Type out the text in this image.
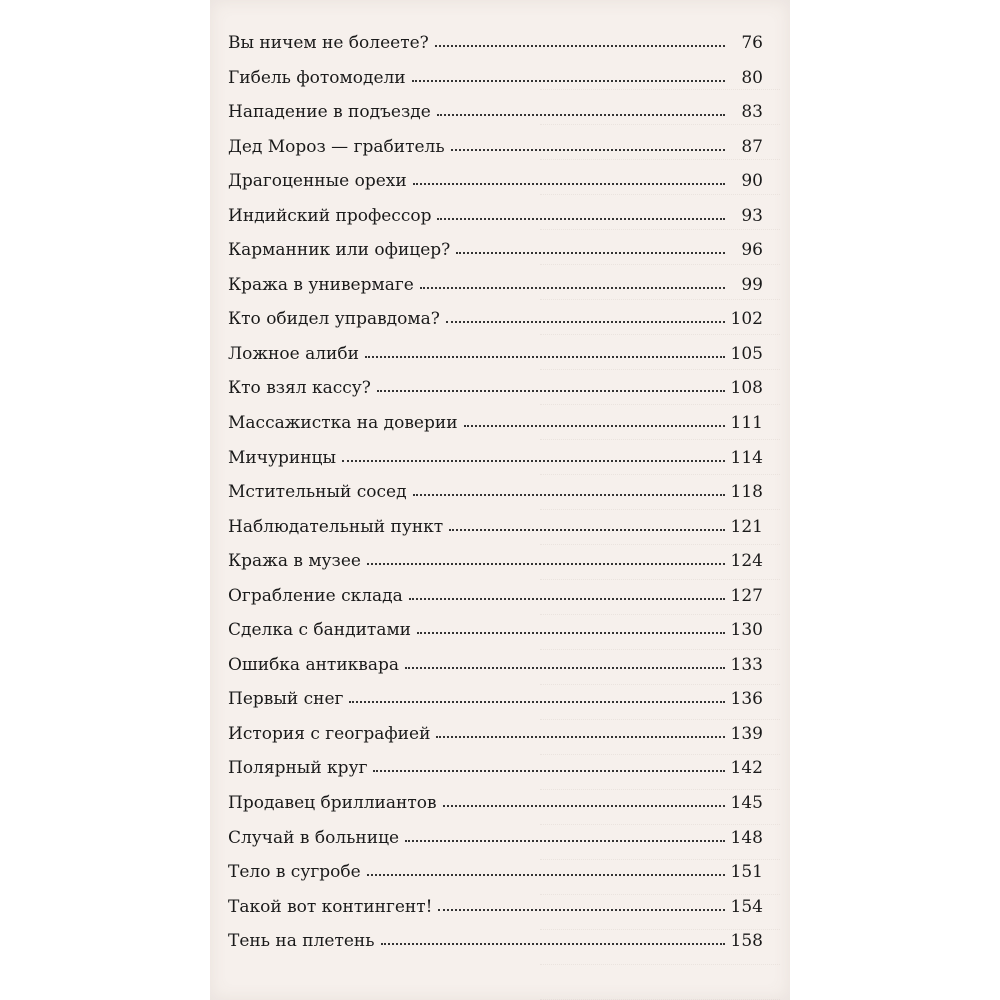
Вы ничем не болеете?	76
Гибель фотомодели	80
Нападение в подъезде	83
Дед Мороз — грабитель	87
Драгоценные орехи	90
Индийский профессор	93
Карманник или офицер?	96
Кража в универмаге	99
Кто обидел управдома?	102
Ложное алиби	105
Кто взял кассу?	108
Массажистка на доверии	111
Мичуринцы	114
Мстительный сосед	118
Наблюдательный пункт	121
Кража в музее	124
Ограбление склада	127
Сделка с бандитами	130
Ошибка антиквара	133
Первый снег	136
История с географией	139
Полярный круг	142
Продавец бриллиантов	145
Случай в больнице	148
Тело в сугробе	151
Такой вот контингент!	154
Тень на плетень	158
